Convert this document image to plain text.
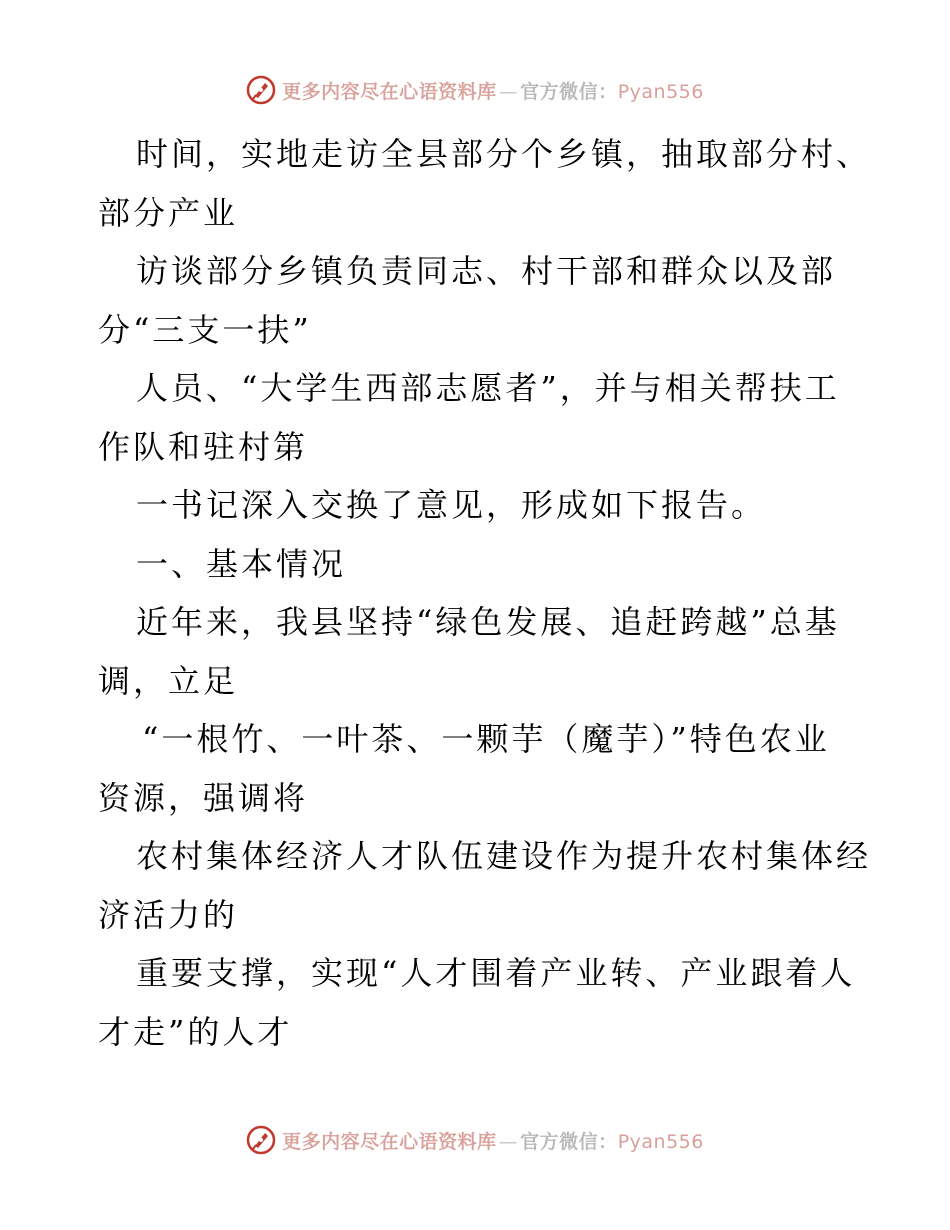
更多内容尽在心语资料库 — 官方微信：Pyan556
时间，实地走访全县部分个乡镇，抽取部分村、
部分产业
访谈部分乡镇负责同志、村干部和群众以及部
分“三支一扶”
人员、“大学生西部志愿者”，并与相关帮扶工
作队和驻村第
一书记深入交换了意见，形成如下报告。
一、基本情况
近年来，我县坚持“绿色发展、追赶跨越”总基
调，立足
“一根竹、一叶茶、一颗芋（魔芋）”特色农业
资源，强调将
农村集体经济人才队伍建设作为提升农村集体经
济活力的
重要支撑，实现“人才围着产业转、产业跟着人
才走”的人才
更多内容尽在心语资料库 — 官方微信：Pyan556
